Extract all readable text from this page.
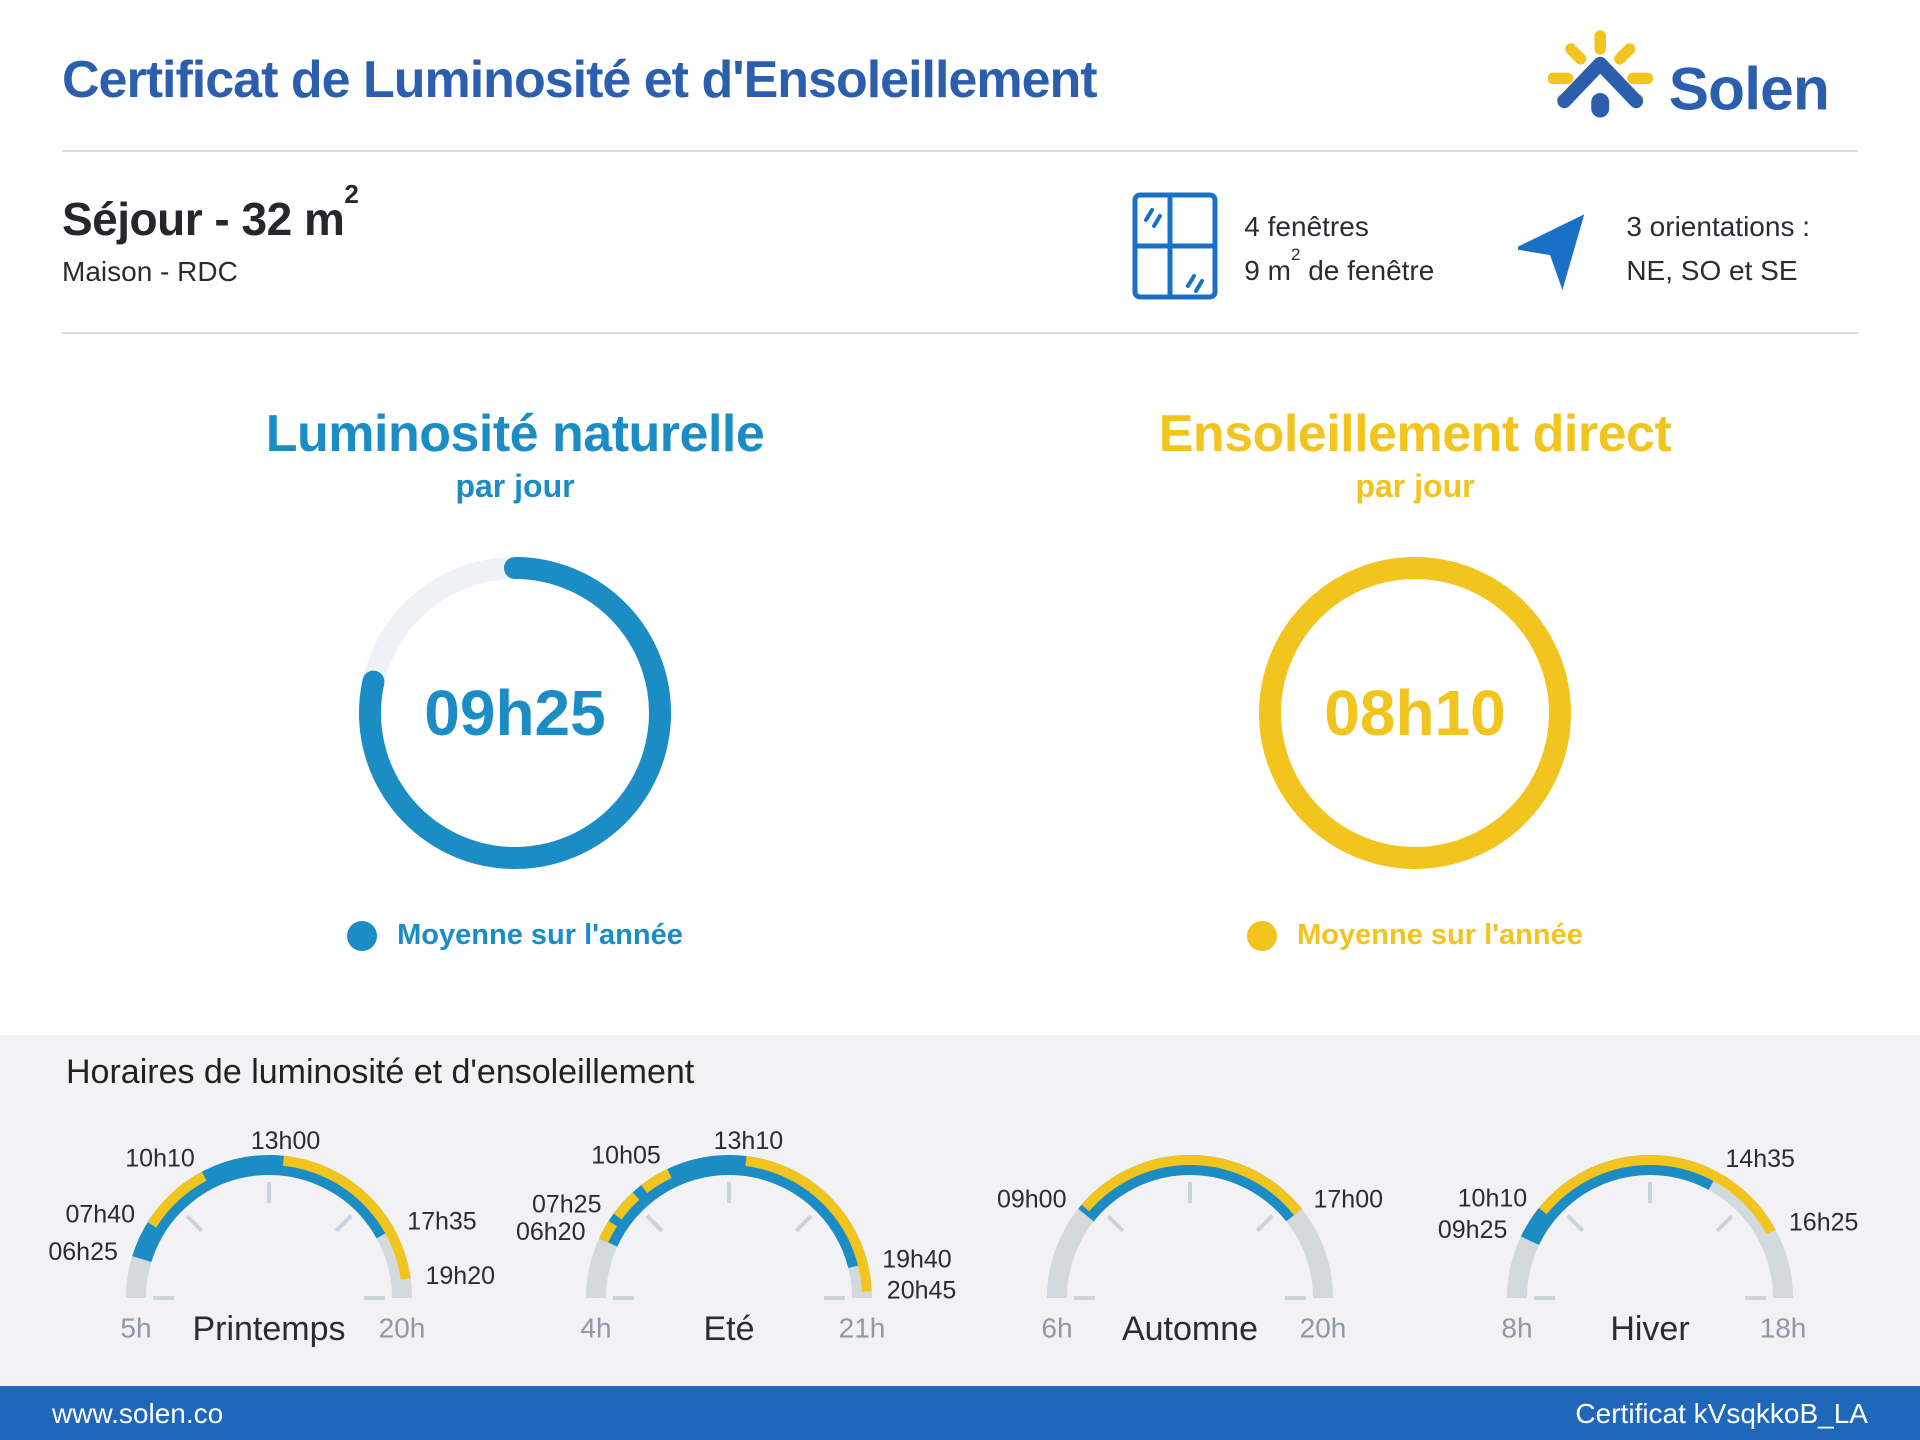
Certificat de Luminosité et d'Ensoleillement	Solen
Séjour - 32 $m^2$
Maison - RDC
4 fenêtres
9 $m^2$ de fenêtre
3 orientations :
NE, SO et SE
Luminosité naturelle
par jour
09h25
Moyenne sur l'année
Ensoleillement direct
par jour
08h10
Moyenne sur l'année
Horaires de luminosité et d'ensoleillement
06h25
07h40
10h10
13h00
17h35
19h20
5h	20h
Printemps
06h20
07h25
10h05
13h10
19h40
20h45
4h	21h
Eté
09h00	17h00
6h	20h
Automne
10h10
09h25
14h35
16h25
8h	18h
Hiver
www.solen.co	Certificat kVsqkkoB_LA
